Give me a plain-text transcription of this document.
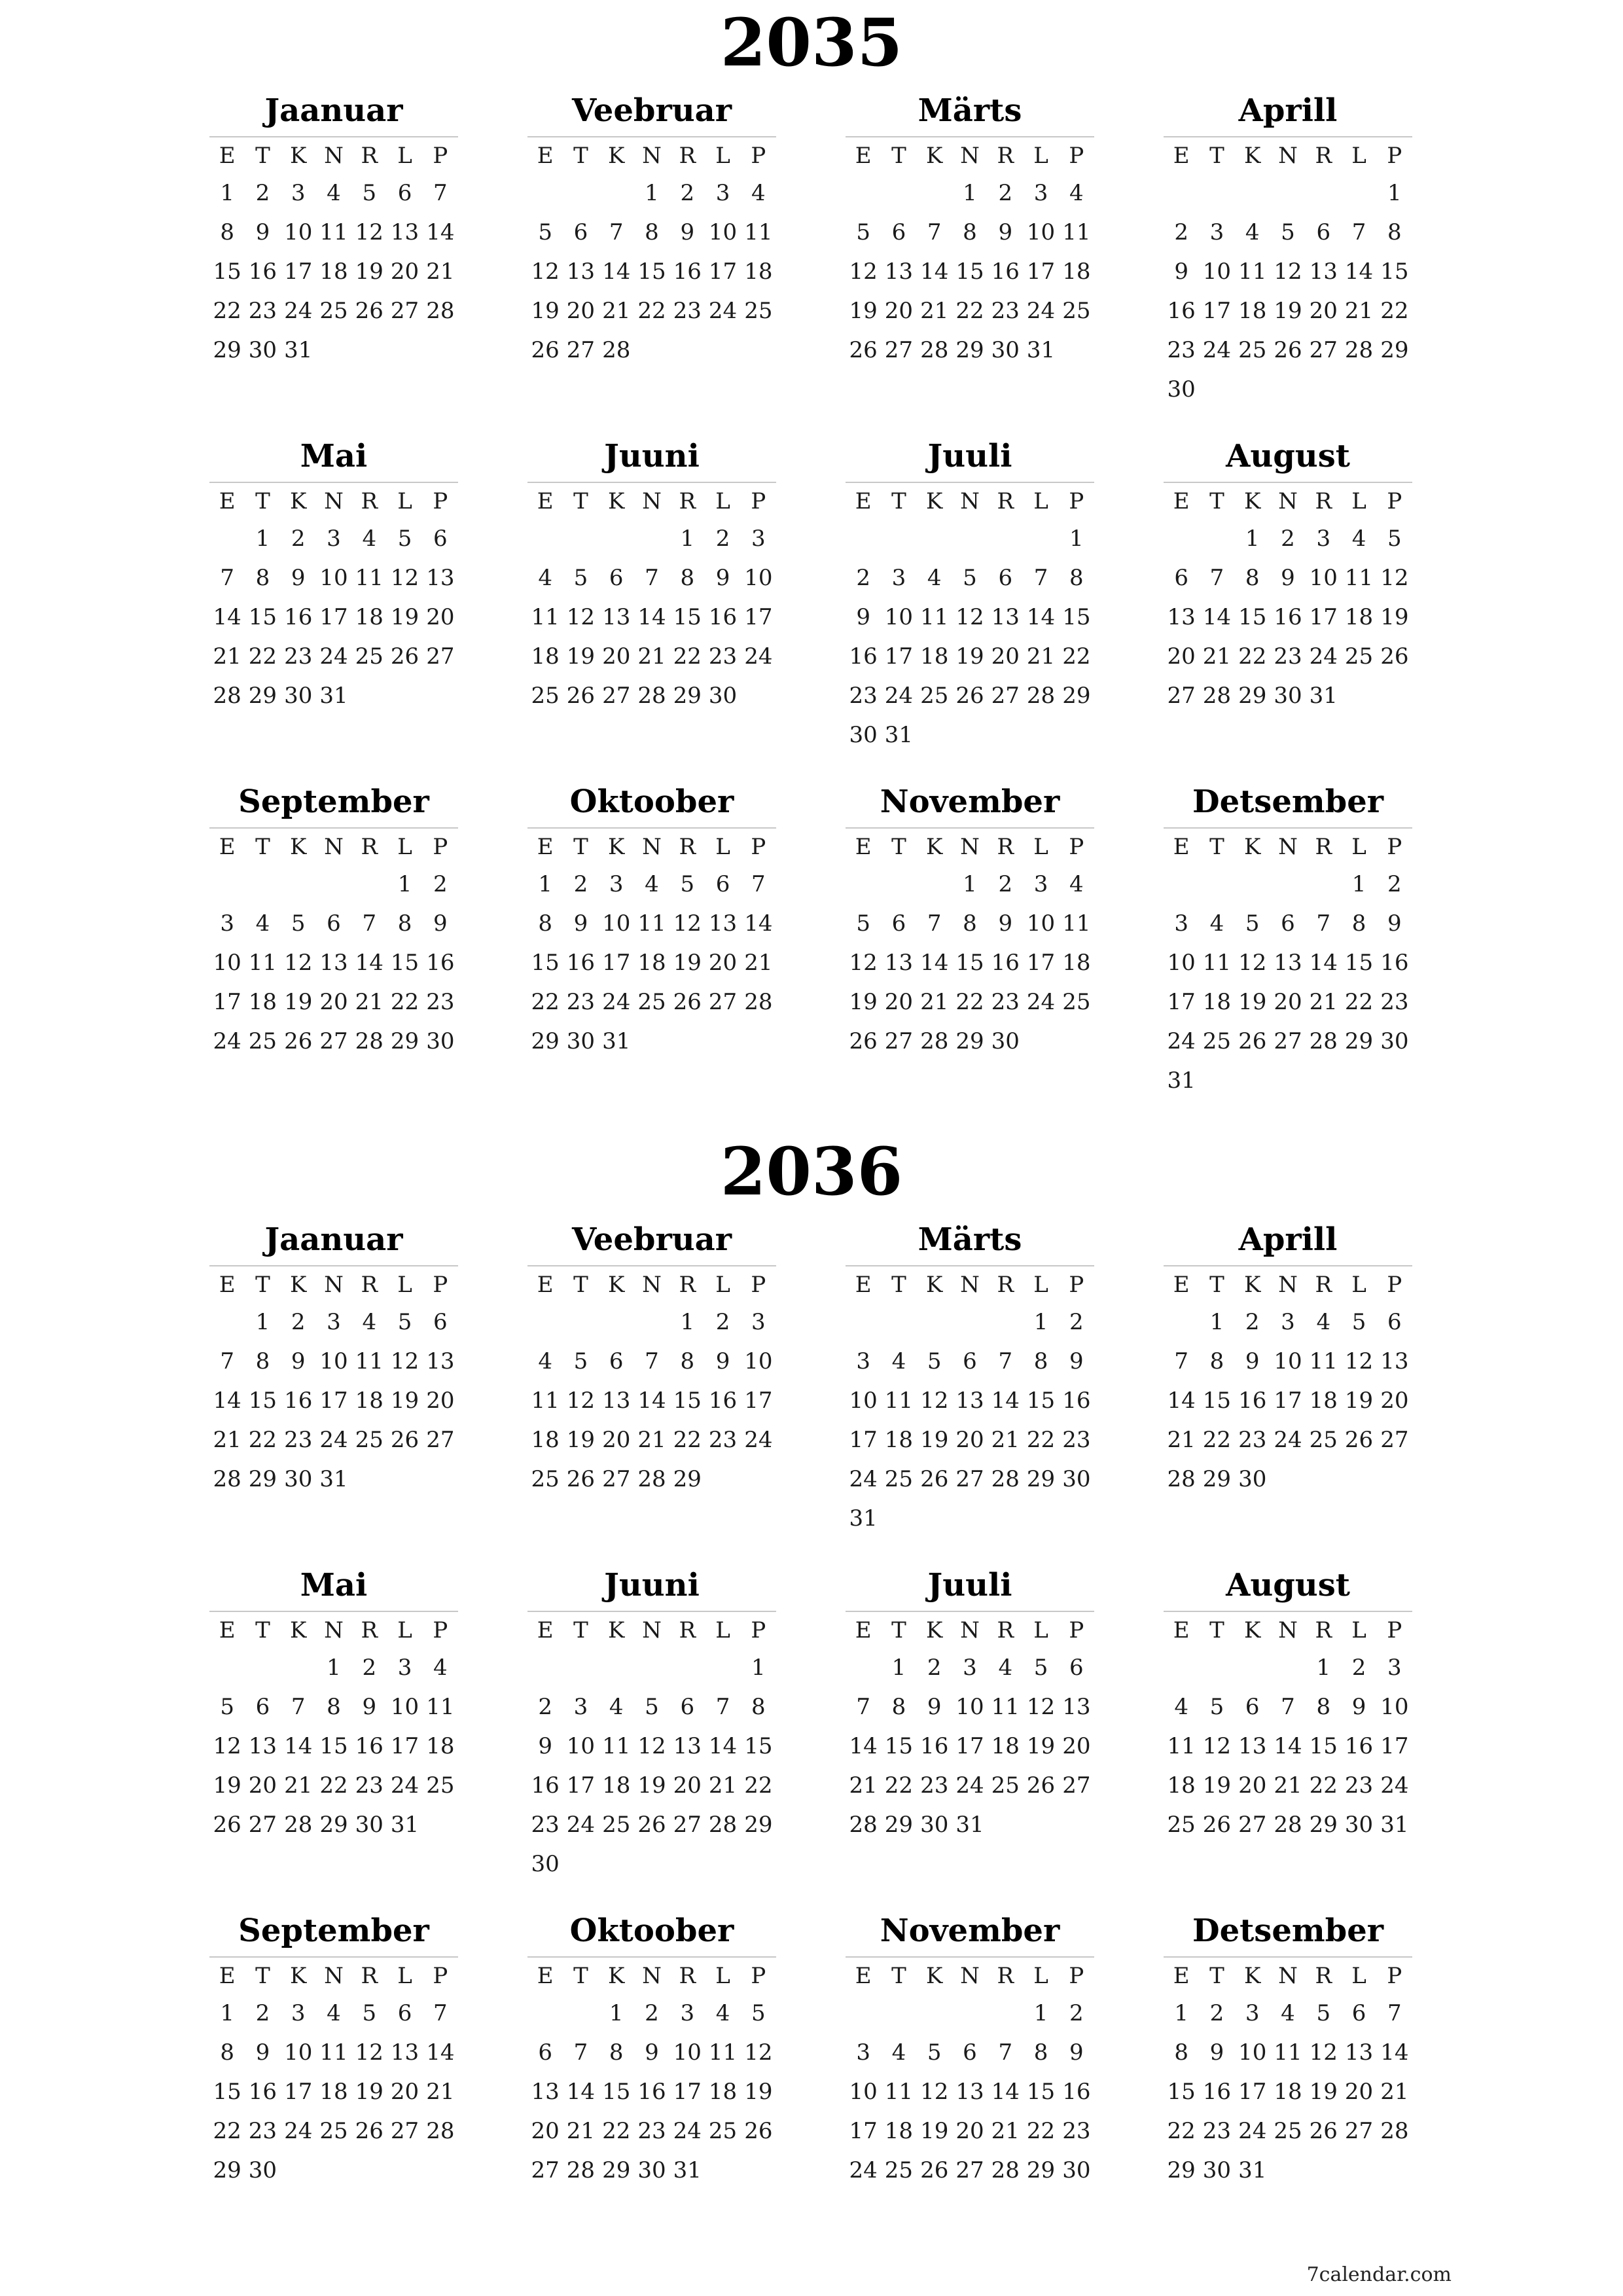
2035
Jaanuar
E T K N R L P
1 2 3 4 5 6 7
8 9 10 11 12 13 14
15 16 17 18 19 20 21
22 23 24 25 26 27 28
29 30 31
Veebruar
E T K N R L P
1 2 3 4
5 6 7 8 9 10 11
12 13 14 15 16 17 18
19 20 21 22 23 24 25
26 27 28
Märts
E T K N R L P
1 2 3 4
5 6 7 8 9 10 11
12 13 14 15 16 17 18
19 20 21 22 23 24 25
26 27 28 29 30 31
Aprill
E T K N R L P
1
2 3 4 5 6 7 8
9 10 11 12 13 14 15
16 17 18 19 20 21 22
23 24 25 26 27 28 29
30
Mai
E T K N R L P
1 2 3 4 5 6
7 8 9 10 11 12 13
14 15 16 17 18 19 20
21 22 23 24 25 26 27
28 29 30 31
Juuni
E T K N R L P
1 2 3
4 5 6 7 8 9 10
11 12 13 14 15 16 17
18 19 20 21 22 23 24
25 26 27 28 29 30
Juuli
E T K N R L P
1
2 3 4 5 6 7 8
9 10 11 12 13 14 15
16 17 18 19 20 21 22
23 24 25 26 27 28 29
30 31
August
E T K N R L P
1 2 3 4 5
6 7 8 9 10 11 12
13 14 15 16 17 18 19
20 21 22 23 24 25 26
27 28 29 30 31
September
E T K N R L P
1 2
3 4 5 6 7 8 9
10 11 12 13 14 15 16
17 18 19 20 21 22 23
24 25 26 27 28 29 30
Oktoober
E T K N R L P
1 2 3 4 5 6 7
8 9 10 11 12 13 14
15 16 17 18 19 20 21
22 23 24 25 26 27 28
29 30 31
November
E T K N R L P
1 2 3 4
5 6 7 8 9 10 11
12 13 14 15 16 17 18
19 20 21 22 23 24 25
26 27 28 29 30
Detsember
E T K N R L P
1 2
3 4 5 6 7 8 9
10 11 12 13 14 15 16
17 18 19 20 21 22 23
24 25 26 27 28 29 30
31
2036
Jaanuar
E T K N R L P
1 2 3 4 5 6
7 8 9 10 11 12 13
14 15 16 17 18 19 20
21 22 23 24 25 26 27
28 29 30 31
Veebruar
E T K N R L P
1 2 3
4 5 6 7 8 9 10
11 12 13 14 15 16 17
18 19 20 21 22 23 24
25 26 27 28 29
Märts
E T K N R L P
1 2
3 4 5 6 7 8 9
10 11 12 13 14 15 16
17 18 19 20 21 22 23
24 25 26 27 28 29 30
31
Aprill
E T K N R L P
1 2 3 4 5 6
7 8 9 10 11 12 13
14 15 16 17 18 19 20
21 22 23 24 25 26 27
28 29 30
Mai
E T K N R L P
1 2 3 4
5 6 7 8 9 10 11
12 13 14 15 16 17 18
19 20 21 22 23 24 25
26 27 28 29 30 31
Juuni
E T K N R L P
1
2 3 4 5 6 7 8
9 10 11 12 13 14 15
16 17 18 19 20 21 22
23 24 25 26 27 28 29
30
Juuli
E T K N R L P
1 2 3 4 5 6
7 8 9 10 11 12 13
14 15 16 17 18 19 20
21 22 23 24 25 26 27
28 29 30 31
August
E T K N R L P
1 2 3
4 5 6 7 8 9 10
11 12 13 14 15 16 17
18 19 20 21 22 23 24
25 26 27 28 29 30 31
September
E T K N R L P
1 2 3 4 5 6 7
8 9 10 11 12 13 14
15 16 17 18 19 20 21
22 23 24 25 26 27 28
29 30
Oktoober
E T K N R L P
1 2 3 4 5
6 7 8 9 10 11 12
13 14 15 16 17 18 19
20 21 22 23 24 25 26
27 28 29 30 31
November
E T K N R L P
1 2
3 4 5 6 7 8 9
10 11 12 13 14 15 16
17 18 19 20 21 22 23
24 25 26 27 28 29 30
Detsember
E T K N R L P
1 2 3 4 5 6 7
8 9 10 11 12 13 14
15 16 17 18 19 20 21
22 23 24 25 26 27 28
29 30 31
7calendar.com
